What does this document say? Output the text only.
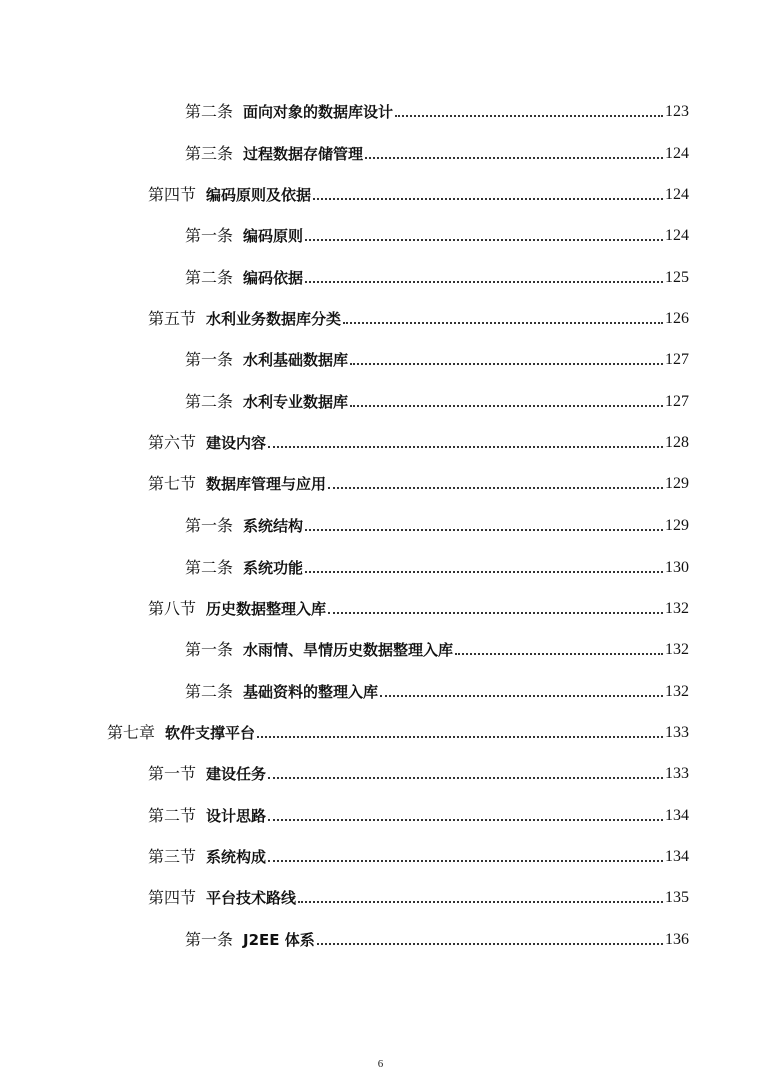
第二条 面向对象的数据库设计	123
第三条 过程数据存储管理	124
第四节 编码原则及依据	124
第一条 编码原则	124
第二条 编码依据	125
第五节 水利业务数据库分类	126
第一条 水利基础数据库	127
第二条 水利专业数据库	127
第六节 建设内容	128
第七节 数据库管理与应用	129
第一条 系统结构	129
第二条 系统功能	130
第八节 历史数据整理入库	132
第一条 水雨情、旱情历史数据整理入库	132
第二条 基础资料的整理入库	132
第七章 软件支撑平台	133
第一节 建设任务	133
第二节 设计思路	134
第三节 系统构成	134
第四节 平台技术路线	135
第一条 J2EE 体系	136
6
